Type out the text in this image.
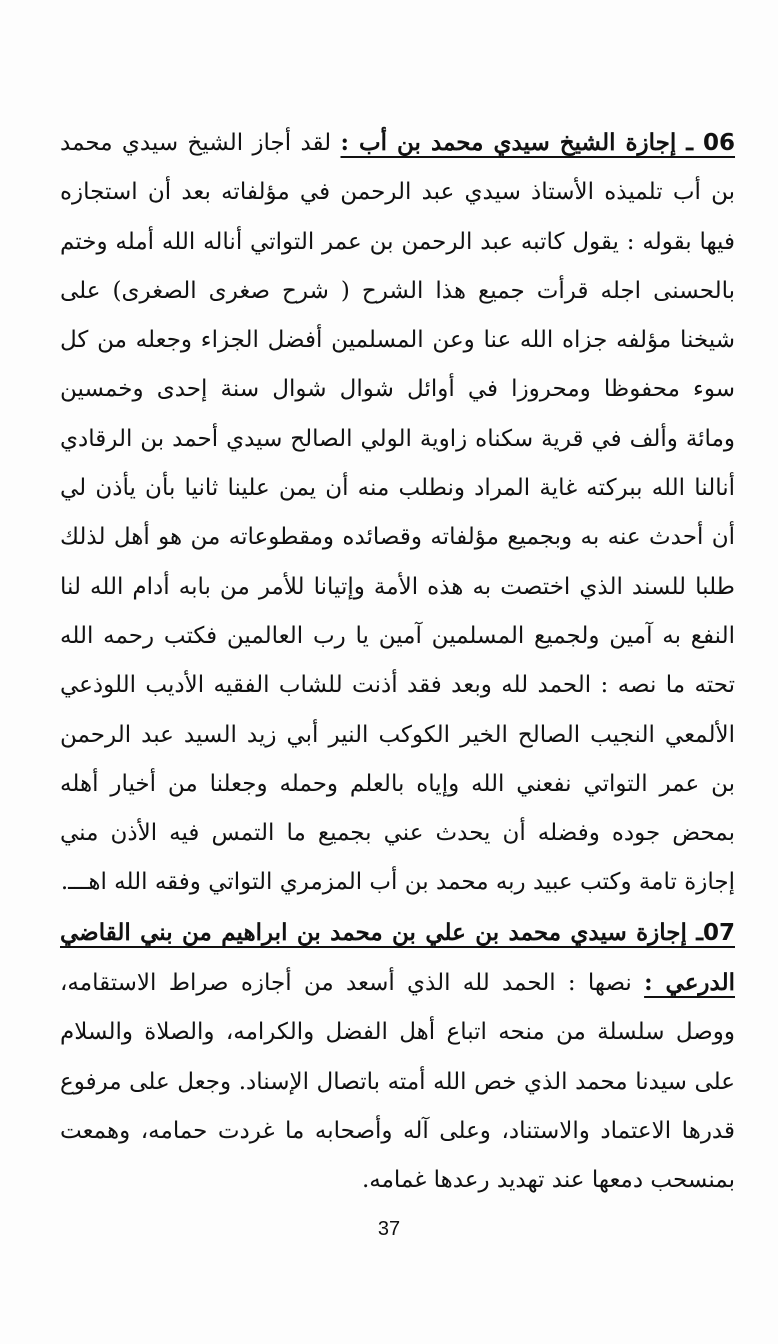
06 ـ إجازة الشيخ سيدي محمد بن أب : لقد أجاز الشيخ سيدي محمد بن أب تلميذه الأستاذ سيدي عبد الرحمن في مؤلفاته بعد أن استجازه فيها بقوله : يقول كاتبه عبد الرحمن بن عمر التواتي أناله الله أمله وختم بالحسنى اجله قرأت جميع هذا الشرح ( شرح صغرى الصغرى) على شيخنا مؤلفه جزاه الله عنا وعن المسلمين أفضل الجزاء وجعله من كل سوء محفوظا ومحروزا في أوائل شوال شوال سنة إحدى وخمسين ومائة وألف في قرية سكناه زاوية الولي الصالح سيدي أحمد بن الرقادي أنالنا الله ببركته غاية المراد ونطلب منه أن يمن علينا ثانيا بأن يأذن لي أن أحدث عنه به وبجميع مؤلفاته وقصائده ومقطوعاته من هو أهل لذلك طلبا للسند الذي اختصت به هذه الأمة وإتيانا للأمر من بابه أدام الله لنا النفع به آمين ولجميع المسلمين آمين يا رب العالمين فكتب رحمه الله تحته ما نصه : الحمد لله وبعد فقد أذنت للشاب الفقيه الأديب اللوذعي الألمعي النجيب الصالح الخير الكوكب النير أبي زيد السيد عبد الرحمن بن عمر التواتي نفعني الله وإياه بالعلم وحمله وجعلنا من أخيار أهله بمحض جوده وفضله أن يحدث عني بجميع ما التمس فيه الأذن مني إجازة تامة وكتب عبيد ربه محمد بن أب المزمري التواتي وفقه الله اهـــ.

07ـ إجازة سيدي محمد بن علي بن محمد بن ابراهيم من بني القاضي الدرعي : نصها : الحمد لله الذي أسعد من أجازه صراط الاستقامه، ووصل سلسلة من منحه اتباع أهل الفضل والكرامه، والصلاة والسلام على سيدنا محمد الذي خص الله أمته باتصال الإسناد. وجعل على مرفوع قدرها الاعتماد والاستناد، وعلى آله وأصحابه ما غردت حمامه، وهمعت بمنسحب دمعها عند تهديد رعدها غمامه.

37
